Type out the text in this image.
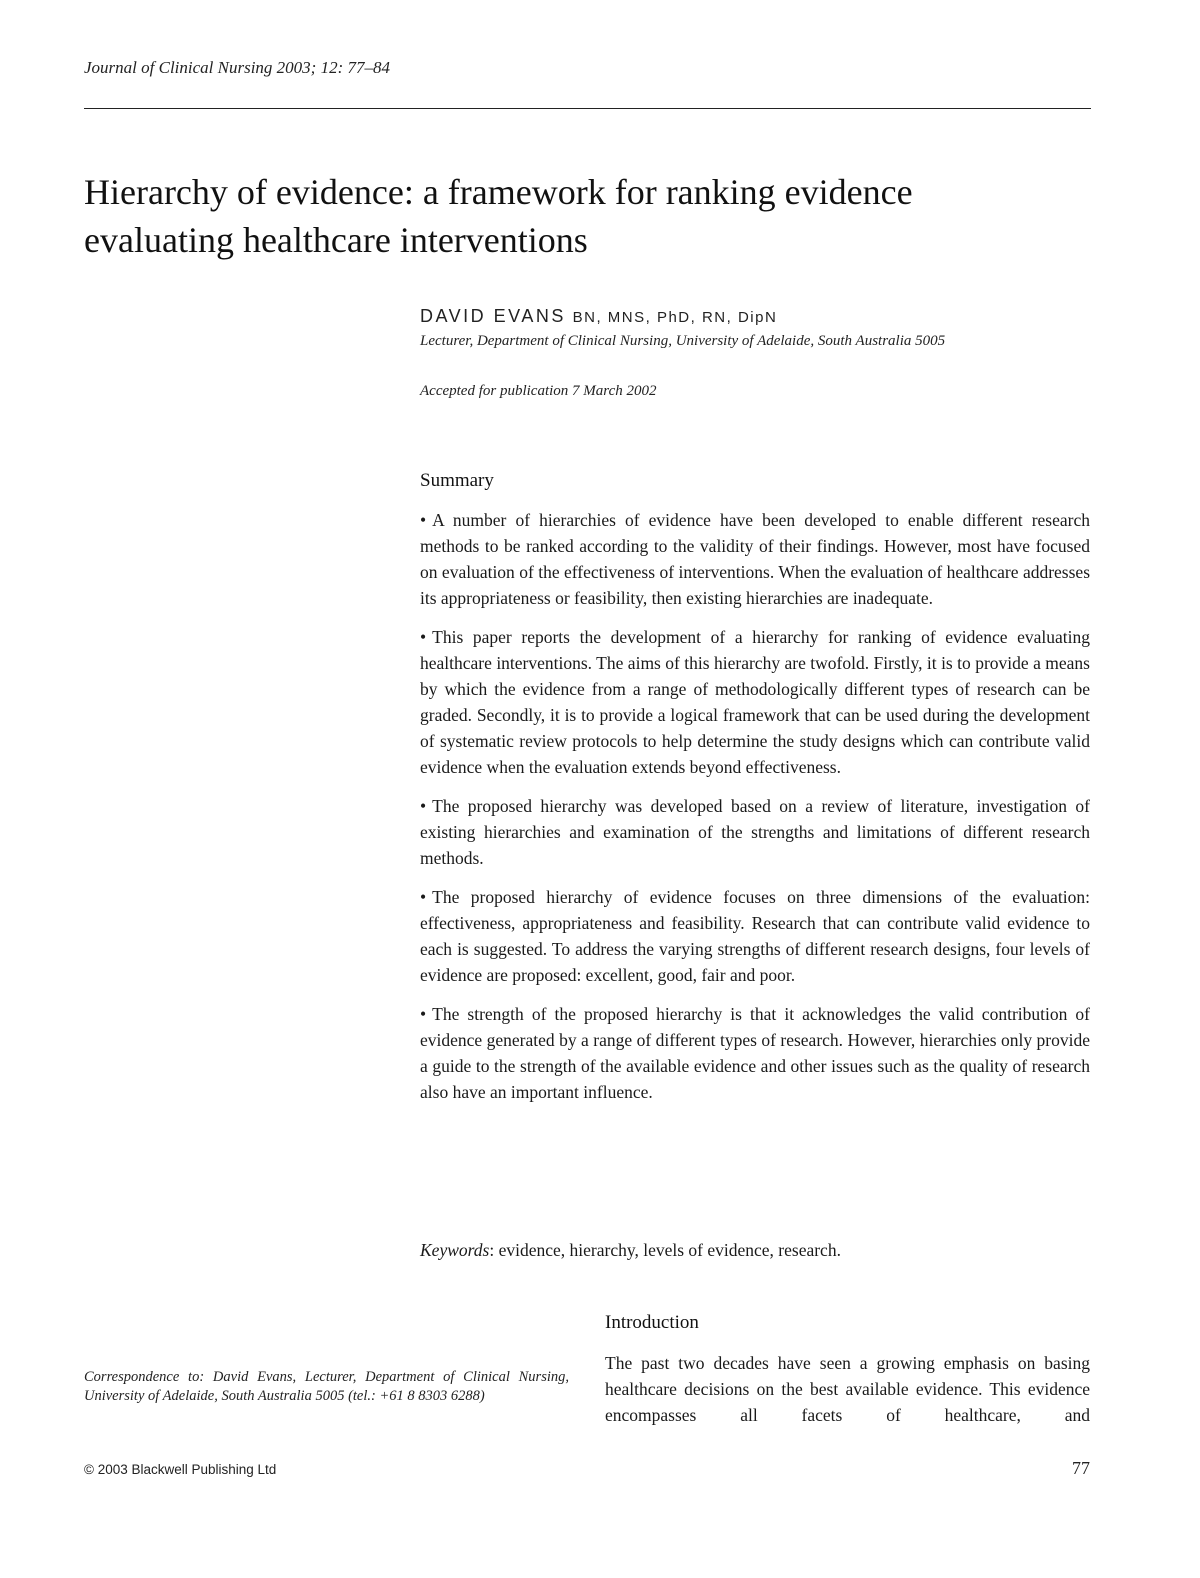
Journal of Clinical Nursing 2003; 12: 77–84
Hierarchy of evidence: a framework for ranking evidence
evaluating healthcare interventions
DAVID EVANS BN, MNS, PhD, RN, DipN
Lecturer, Department of Clinical Nursing, University of Adelaide, South Australia 5005
Accepted for publication 7 March 2002
Summary

• A number of hierarchies of evidence have been developed to enable different research methods to be ranked according to the validity of their findings. However, most have focused on evaluation of the effectiveness of interventions. When the evaluation of healthcare addresses its appropriateness or feasibility, then existing hierarchies are inadequate.

• This paper reports the development of a hierarchy for ranking of evidence evaluating healthcare interventions. The aims of this hierarchy are twofold. Firstly, it is to provide a means by which the evidence from a range of methodologically different types of research can be graded. Secondly, it is to provide a logical framework that can be used during the development of systematic review protocols to help determine the study designs which can contribute valid evidence when the evaluation extends beyond effectiveness.

• The proposed hierarchy was developed based on a review of literature, investigation of existing hierarchies and examination of the strengths and limitations of different research methods.

• The proposed hierarchy of evidence focuses on three dimensions of the evaluation: effectiveness, appropriateness and feasibility. Research that can contribute valid evidence to each is suggested. To address the varying strengths of different research designs, four levels of evidence are proposed: excellent, good, fair and poor.

• The strength of the proposed hierarchy is that it acknowledges the valid contribution of evidence generated by a range of different types of research. However, hierarchies only provide a guide to the strength of the available evidence and other issues such as the quality of research also have an important influence.

Keywords: evidence, hierarchy, levels of evidence, research.
Introduction
The past two decades have seen a growing emphasis on basing healthcare decisions on the best available evidence. This evidence encompasses all facets of healthcare, and
Correspondence to: David Evans, Lecturer, Department of Clinical Nursing, University of Adelaide, South Australia 5005 (tel.: +61 8 8303 6288)
© 2003 Blackwell Publishing Ltd	77
